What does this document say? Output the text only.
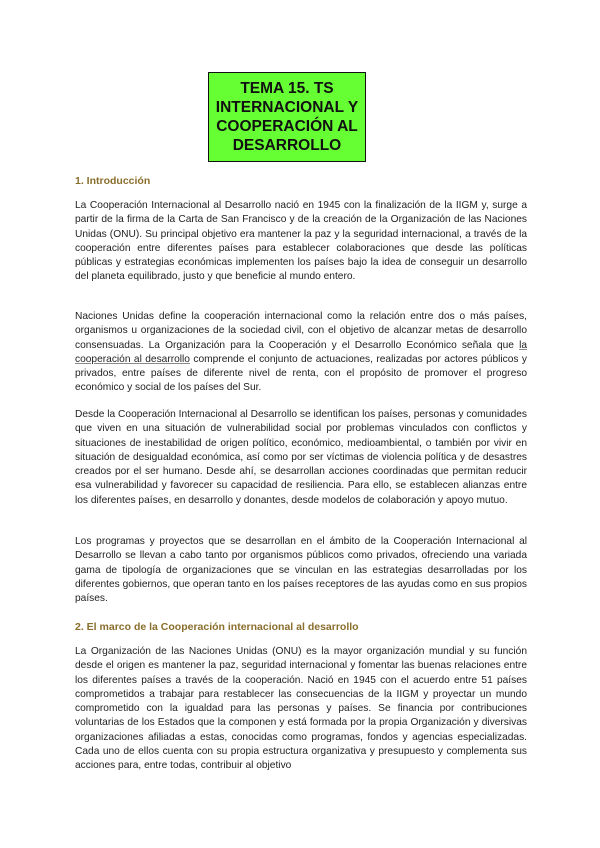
TEMA 15. TS
INTERNACIONAL Y
COOPERACIÓN AL
DESARROLLO
1. Introducción

La Cooperación Internacional al Desarrollo nació en 1945 con la finalización de la IIGM y, surge a partir de la firma de la Carta de San Francisco y de la creación de la Organización de las Naciones Unidas (ONU). Su principal objetivo era mantener la paz y la seguridad internacional, a través de la cooperación entre diferentes países para establecer colaboraciones que desde las políticas públicas y estrategias económicas implementen los países bajo la idea de conseguir un desarrollo del planeta equilibrado, justo y que beneficie al mundo entero.

Naciones Unidas define la cooperación internacional como la relación entre dos o más países, organismos u organizaciones de la sociedad civil, con el objetivo de alcanzar metas de desarrollo consensuadas. La Organización para la Cooperación y el Desarrollo Económico señala que la cooperación al desarrollo comprende el conjunto de actuaciones, realizadas por actores públicos y privados, entre países de diferente nivel de renta, con el propósito de promover el progreso económico y social de los países del Sur.

Desde la Cooperación Internacional al Desarrollo se identifican los países, personas y comunidades que viven en una situación de vulnerabilidad social por problemas vinculados con conflictos y situaciones de inestabilidad de origen político, económico, medioambiental, o también por vivir en situación de desigualdad económica, así como por ser víctimas de violencia política y de desastres creados por el ser humano. Desde ahí, se desarrollan acciones coordinadas que permitan reducir esa vulnerabilidad y favorecer su capacidad de resiliencia. Para ello, se establecen alianzas entre los diferentes países, en desarrollo y donantes, desde modelos de colaboración y apoyo mutuo.

Los programas y proyectos que se desarrollan en el ámbito de la Cooperación Internacional al Desarrollo se llevan a cabo tanto por organismos públicos como privados, ofreciendo una variada gama de tipología de organizaciones que se vinculan en las estrategias desarrolladas por los diferentes gobiernos, que operan tanto en los países receptores de las ayudas como en sus propios países.

2. El marco de la Cooperación internacional al desarrollo

La Organización de las Naciones Unidas (ONU) es la mayor organización mundial y su función desde el origen es mantener la paz, seguridad internacional y fomentar las buenas relaciones entre los diferentes países a través de la cooperación. Nació en 1945 con el acuerdo entre 51 países comprometidos a trabajar para restablecer las consecuencias de la IIGM y proyectar un mundo comprometido con la igualdad para las personas y países. Se financia por contribuciones voluntarias de los Estados que la componen y está formada por la propia Organización y diversivas organizaciones afiliadas a estas, conocidas como programas, fondos y agencias especializadas. Cada uno de ellos cuenta con su propia estructura organizativa y presupuesto y complementa sus acciones para, entre todas, contribuir al objetivo
